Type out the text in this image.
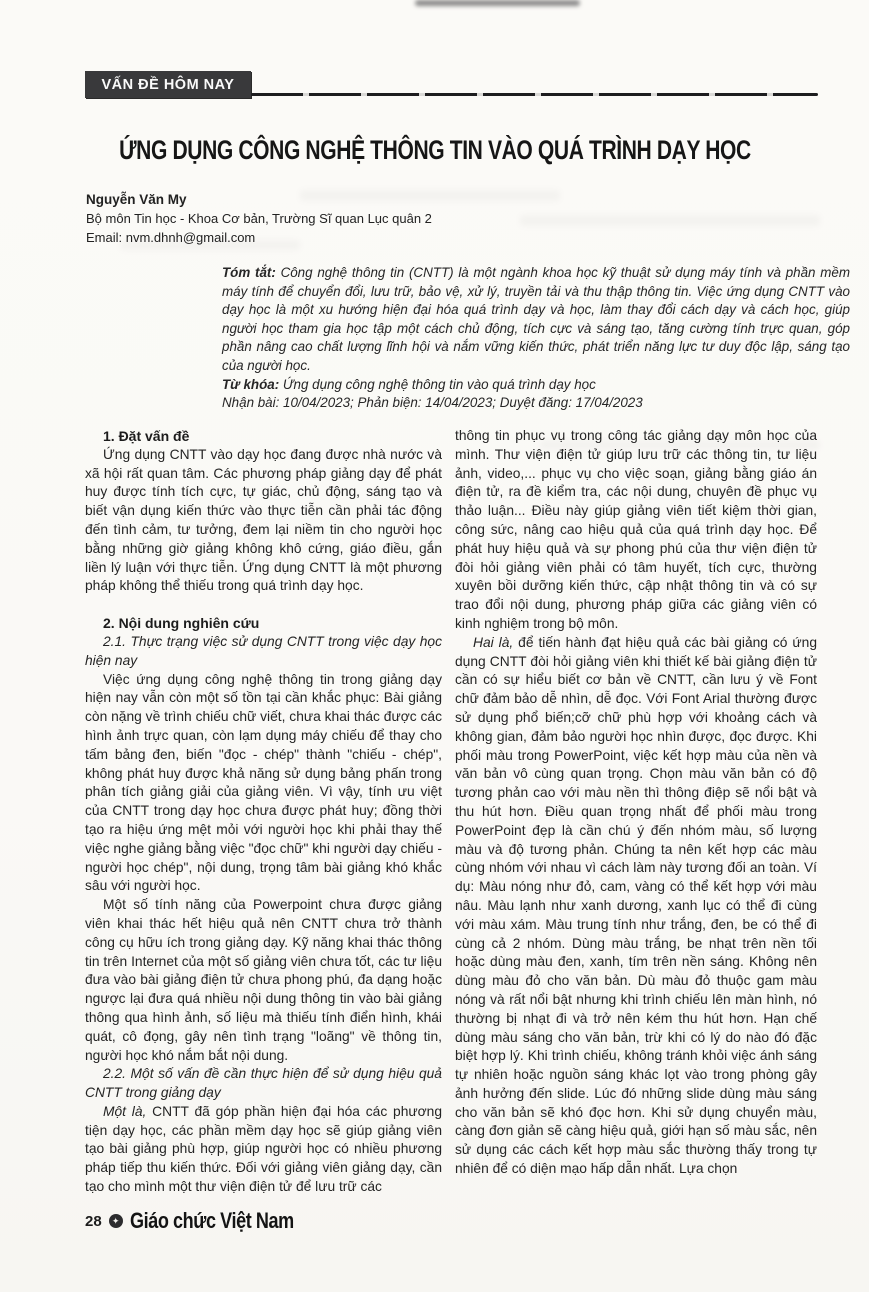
VẤN ĐỀ HÔM NAY
ỨNG DỤNG CÔNG NGHỆ THÔNG TIN VÀO QUÁ TRÌNH DẠY HỌC
Nguyễn Văn My
Bộ môn Tin học - Khoa Cơ bản, Trường Sĩ quan Lục quân 2
Email: nvm.dhnh@gmail.com
Tóm tắt: Công nghệ thông tin (CNTT) là một ngành khoa học kỹ thuật sử dụng máy tính và phần mềm máy tính để chuyển đổi, lưu trữ, bảo vệ, xử lý, truyền tải và thu thập thông tin. Việc ứng dụng CNTT vào dạy học là một xu hướng hiện đại hóa quá trình dạy và học, làm thay đổi cách dạy và cách học, giúp người học tham gia học tập một cách chủ động, tích cực và sáng tạo, tăng cường tính trực quan, góp phần nâng cao chất lượng lĩnh hội và nắm vững kiến thức, phát triển năng lực tư duy độc lập, sáng tạo của người học.
Từ khóa: Ứng dụng công nghệ thông tin vào quá trình dạy học
Nhận bài: 10/04/2023; Phản biện: 14/04/2023; Duyệt đăng: 17/04/2023
1. Đặt vấn đề

Ứng dụng CNTT vào dạy học đang được nhà nước và xã hội rất quan tâm. Các phương pháp giảng dạy để phát huy được tính tích cực, tự giác, chủ động, sáng tạo và biết vận dụng kiến thức vào thực tiễn cần phải tác động đến tình cảm, tư tưởng, đem lại niềm tin cho người học bằng những giờ giảng không khô cứng, giáo điều, gắn liền lý luận với thực tiễn. Ứng dụng CNTT là một phương pháp không thể thiếu trong quá trình dạy học.

2. Nội dung nghiên cứu

2.1. Thực trạng việc sử dụng CNTT trong việc dạy học hiện nay

Việc ứng dụng công nghệ thông tin trong giảng dạy hiện nay vẫn còn một số tồn tại cần khắc phục: Bài giảng còn nặng về trình chiếu chữ viết, chưa khai thác được các hình ảnh trực quan, còn lạm dụng máy chiếu để thay cho tấm bảng đen, biến "đọc - chép" thành "chiếu - chép", không phát huy được khả năng sử dụng bảng phấn trong phân tích giảng giải của giảng viên. Vì vậy, tính ưu việt của CNTT trong dạy học chưa được phát huy; đồng thời tạo ra hiệu ứng mệt mỏi với người học khi phải thay thế việc nghe giảng bằng việc "đọc chữ" khi người dạy chiếu - người học chép", nội dung, trọng tâm bài giảng khó khắc sâu với người học.

Một số tính năng của Powerpoint chưa được giảng viên khai thác hết hiệu quả nên CNTT chưa trở thành công cụ hữu ích trong giảng dạy. Kỹ năng khai thác thông tin trên Internet của một số giảng viên chưa tốt, các tư liệu đưa vào bài giảng điện tử chưa phong phú, đa dạng hoặc ngược lại đưa quá nhiều nội dung thông tin vào bài giảng thông qua hình ảnh, số liệu mà thiếu tính điển hình, khái quát, cô đọng, gây nên tình trạng "loãng" về thông tin, người học khó nắm bắt nội dung.

2.2. Một số vấn đề cần thực hiện để sử dụng hiệu quả CNTT trong giảng dạy

Một là, CNTT đã góp phần hiện đại hóa các phương tiện dạy học, các phần mềm dạy học sẽ giúp giảng viên tạo bài giảng phù hợp, giúp người học có nhiều phương pháp tiếp thu kiến thức. Đối với giảng viên giảng dạy, cần tạo cho mình một thư viện điện tử để lưu trữ các

thông tin phục vụ trong công tác giảng dạy môn học của mình. Thư viện điện tử giúp lưu trữ các thông tin, tư liệu ảnh, video,... phục vụ cho việc soạn, giảng bằng giáo án điện tử, ra đề kiểm tra, các nội dung, chuyên đề phục vụ thảo luận... Điều này giúp giảng viên tiết kiệm thời gian, công sức, nâng cao hiệu quả của quá trình dạy học. Để phát huy hiệu quả và sự phong phú của thư viện điện tử đòi hỏi giảng viên phải có tâm huyết, tích cực, thường xuyên bồi dưỡng kiến thức, cập nhật thông tin và có sự trao đổi nội dung, phương pháp giữa các giảng viên có kinh nghiệm trong bộ môn.

Hai là, để tiến hành đạt hiệu quả các bài giảng có ứng dụng CNTT đòi hỏi giảng viên khi thiết kế bài giảng điện tử cần có sự hiểu biết cơ bản về CNTT, cần lưu ý về Font chữ đảm bảo dễ nhìn, dễ đọc. Với Font Arial thường được sử dụng phổ biến;cỡ chữ phù hợp với khoảng cách và không gian, đảm bảo người học nhìn được, đọc được. Khi phối màu trong PowerPoint, việc kết hợp màu của nền và văn bản vô cùng quan trọng. Chọn màu văn bản có độ tương phản cao với màu nền thì thông điệp sẽ nổi bật và thu hút hơn. Điều quan trọng nhất để phối màu trong PowerPoint đẹp là cần chú ý đến nhóm màu, số lượng màu và độ tương phản. Chúng ta nên kết hợp các màu cùng nhóm với nhau vì cách làm này tương đối an toàn. Ví dụ: Màu nóng như đỏ, cam, vàng có thể kết hợp với màu nâu. Màu lạnh như xanh dương, xanh lục có thể đi cùng với màu xám. Màu trung tính như trắng, đen, be có thể đi cùng cả 2 nhóm. Dùng màu trắng, be nhạt trên nền tối hoặc dùng màu đen, xanh, tím trên nền sáng. Không nên dùng màu đỏ cho văn bản. Dù màu đỏ thuộc gam màu nóng và rất nổi bật nhưng khi trình chiếu lên màn hình, nó thường bị nhạt đi và trở nên kém thu hút hơn. Hạn chế dùng màu sáng cho văn bản, trừ khi có lý do nào đó đặc biệt hợp lý. Khi trình chiếu, không tránh khỏi việc ánh sáng tự nhiên hoặc nguồn sáng khác lọt vào trong phòng gây ảnh hưởng đến slide. Lúc đó những slide dùng màu sáng cho văn bản sẽ khó đọc hơn. Khi sử dụng chuyển màu, càng đơn giản sẽ càng hiệu quả, giới hạn số màu sắc, nên sử dụng các cách kết hợp màu sắc thường thấy trong tự nhiên để có diện mạo hấp dẫn nhất. Lựa chọn

28	✦ Giáo chức Việt Nam
